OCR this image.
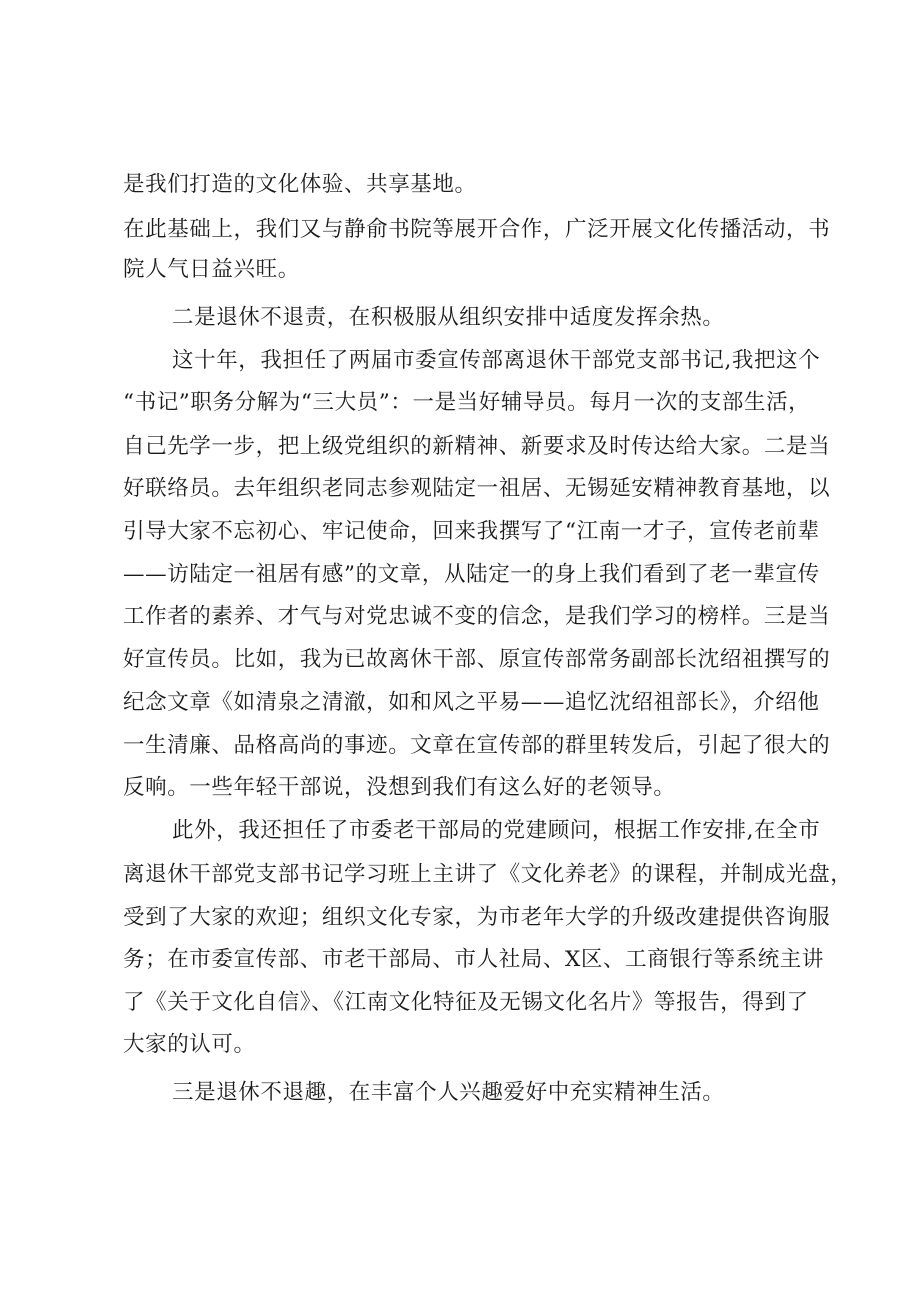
是我们打造的文化体验、共享基地。
在此基础上，我们又与静俞书院等展开合作，广泛开展文化传播活动，书
院人气日益兴旺。
二是退休不退责，在积极服从组织安排中适度发挥余热。
这十年，我担任了两届市委宣传部离退休干部党支部书记,我把这个
“书记”职务分解为“三大员”：一是当好辅导员。每月一次的支部生活，
自己先学一步，把上级党组织的新精神、新要求及时传达给大家。二是当
好联络员。去年组织老同志参观陆定一祖居、无锡延安精神教育基地，以
引导大家不忘初心、牢记使命，回来我撰写了“江南一才子，宣传老前辈
——访陆定一祖居有感”的文章，从陆定一的身上我们看到了老一辈宣传
工作者的素养、才气与对党忠诚不变的信念，是我们学习的榜样。三是当
好宣传员。比如，我为已故离休干部、原宣传部常务副部长沈绍祖撰写的
纪念文章《如清泉之清澈，如和风之平易——追忆沈绍祖部长》，介绍他
一生清廉、品格高尚的事迹。文章在宣传部的群里转发后，引起了很大的
反响。一些年轻干部说，没想到我们有这么好的老领导。
此外，我还担任了市委老干部局的党建顾问，根据工作安排,在全市
离退休干部党支部书记学习班上主讲了《文化养老》的课程，并制成光盘，
受到了大家的欢迎；组织文化专家，为市老年大学的升级改建提供咨询服
务；在市委宣传部、市老干部局、市人社局、X区、工商银行等系统主讲
了《关于文化自信》、《江南文化特征及无锡文化名片》等报告，得到了
大家的认可。
三是退休不退趣，在丰富个人兴趣爱好中充实精神生活。
